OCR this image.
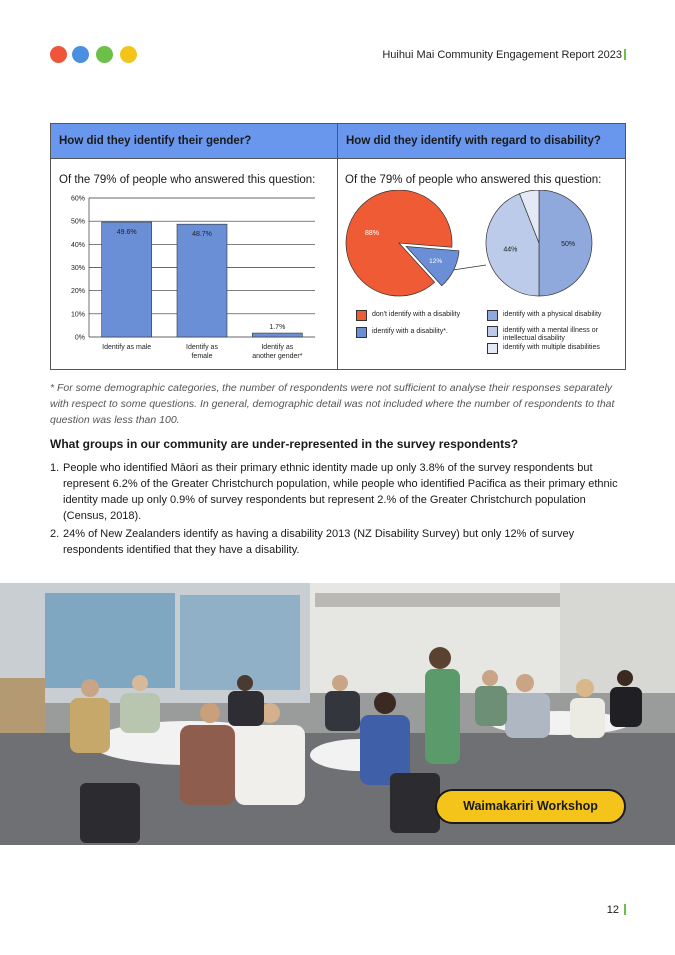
Huihui Mai Community Engagement Report 2023
How did they identify their gender?	How did they identify with regard to disability?
Of the 79% of people who answered this question:	Of the 79% of people who answered this question:
0%
10%
20%
30%
40%
50%
60%
49.6%
Identify as male
48.7%
Identify as
female
1.7%
Identify as
another gender*
88%
12%
50%
44%
don't identify with a disability
identify with a disability*.
identify with a physical disability
identify with a mental illness or intellectual disability
identify with multiple disabilities
* For some demographic categories, the number of respondents were not sufficient to analyse their responses separately with respect to some questions. In general, demographic detail was not included where the number of respondents to that question was less than 100.
What groups in our community are under-represented in the survey respondents?
1. People who identified Māori as their primary ethnic identity made up only 3.8% of the survey respondents but represent 6.2% of the Greater Christchurch population, while people who identified Pacifica as their primary ethnic identity made up only 0.9% of survey respondents but represent 2.% of the Greater Christchurch population (Census, 2018).
2. 24% of New Zealanders identify as having a disability 2013 (NZ Disability Survey) but only 12% of survey respondents identified that they have a disability.
Waimakariri Workshop
12
